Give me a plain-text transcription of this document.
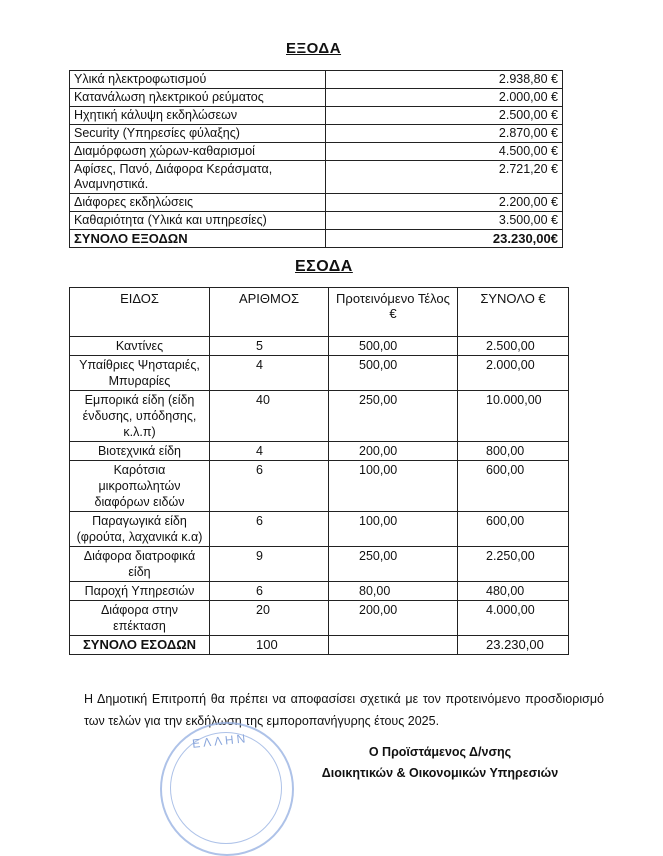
ΕΞΟΔΑ
Υλικά ηλεκτροφωτισμού	2.938,80 €
Κατανάλωση ηλεκτρικού ρεύματος	2.000,00 €
Ηχητική κάλυψη εκδηλώσεων	2.500,00 €
Security (Υπηρεσίες φύλαξης)	2.870,00 €
Διαμόρφωση χώρων-καθαρισμοί	4.500,00 €
Αφίσες, Πανό, Διάφορα Κεράσματα, Αναμνηστικά.	2.721,20 €
Διάφορες εκδηλώσεις	2.200,00 €
Καθαριότητα (Υλικά και υπηρεσίες)	3.500,00 €
ΣΥΝΟΛΟ ΕΞΟΔΩΝ	23.230,00€
ΕΣΟΔΑ
ΕΙΔΟΣ	ΑΡΙΘΜΟΣ	Προτεινόμενο Τέλος €	ΣΥΝΟΛΟ €
Καντίνες	5	500,00	2.500,00
Υπαίθριες Ψησταριές, Μπυραρίες	4	500,00	2.000,00
Εμπορικά είδη (είδη ένδυσης, υπόδησης, κ.λ.π)	40	250,00	10.000,00
Βιοτεχνικά είδη	4	200,00	800,00
Καρότσια μικροπωλητών διαφόρων ειδών	6	100,00	600,00
Παραγωγικά είδη (φρούτα, λαχανικά κ.α)	6	100,00	600,00
Διάφορα διατροφικά είδη	9	250,00	2.250,00
Παροχή Υπηρεσιών	6	80,00	480,00
Διάφορα στην επέκταση	20	200,00	4.000,00
ΣΥΝΟΛΟ ΕΣΟΔΩΝ	100		23.230,00
Η Δημοτική Επιτροπή θα πρέπει να αποφασίσει σχετικά με τον προτεινόμενο προσδιορισμό των τελών για την εκδήλωση της εμποροπανήγυρης έτους 2025.
ΕΛΛΗΝ
Ο Προϊστάμενος Δ/νσης
Διοικητικών & Οικονομικών Υπηρεσιών
